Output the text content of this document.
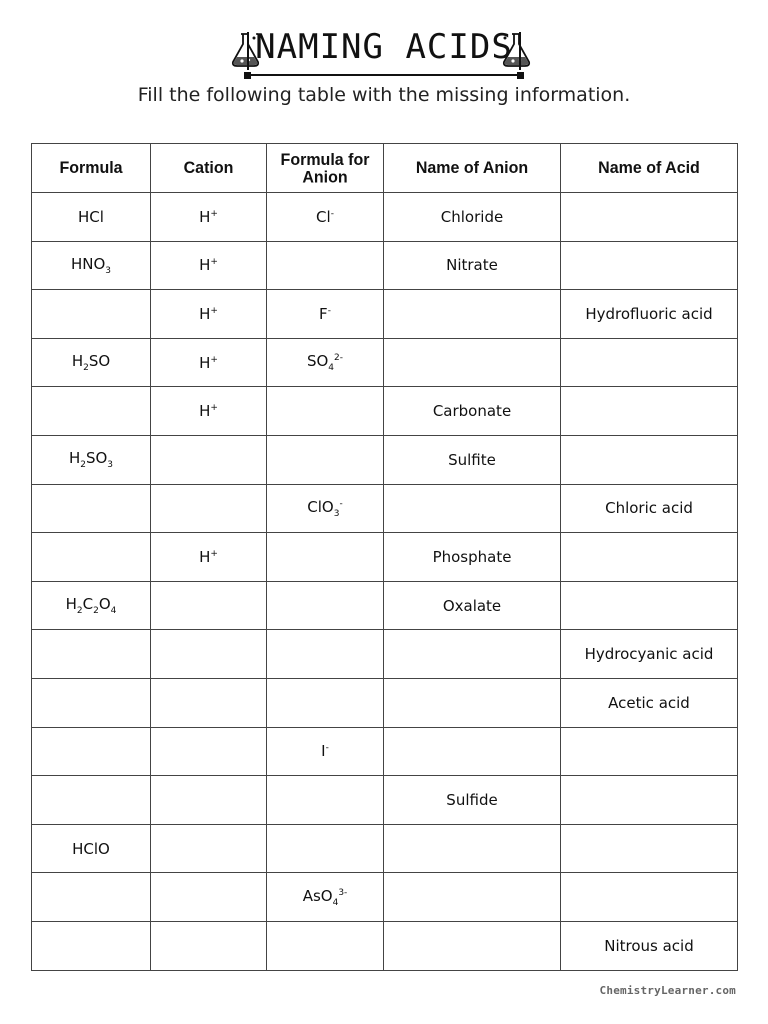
NAMING ACIDS
Fill the following table with the missing information.
Formula	Cation	Formula for Anion	Name of Anion	Name of Acid
HCl	H+	Cl-	Chloride	
$HNO_3$	H+		Nitrate	
	H+	F-		Hydrofluoric acid
$H_2SO$	H+	$SO_4^{2-}$		
	H+		Carbonate	
$H_2SO_3$			Sulfite	
		ClO$_3$-		Chloric acid
	H+		Phosphate	
$H_2C_2O_4$			Oxalate	
				Hydrocyanic acid
				Acetic acid
		I-		
			Sulfide	
HClO				
		AsO$_4^{3-}$		
				Nitrous acid
ChemistryLearner.com
